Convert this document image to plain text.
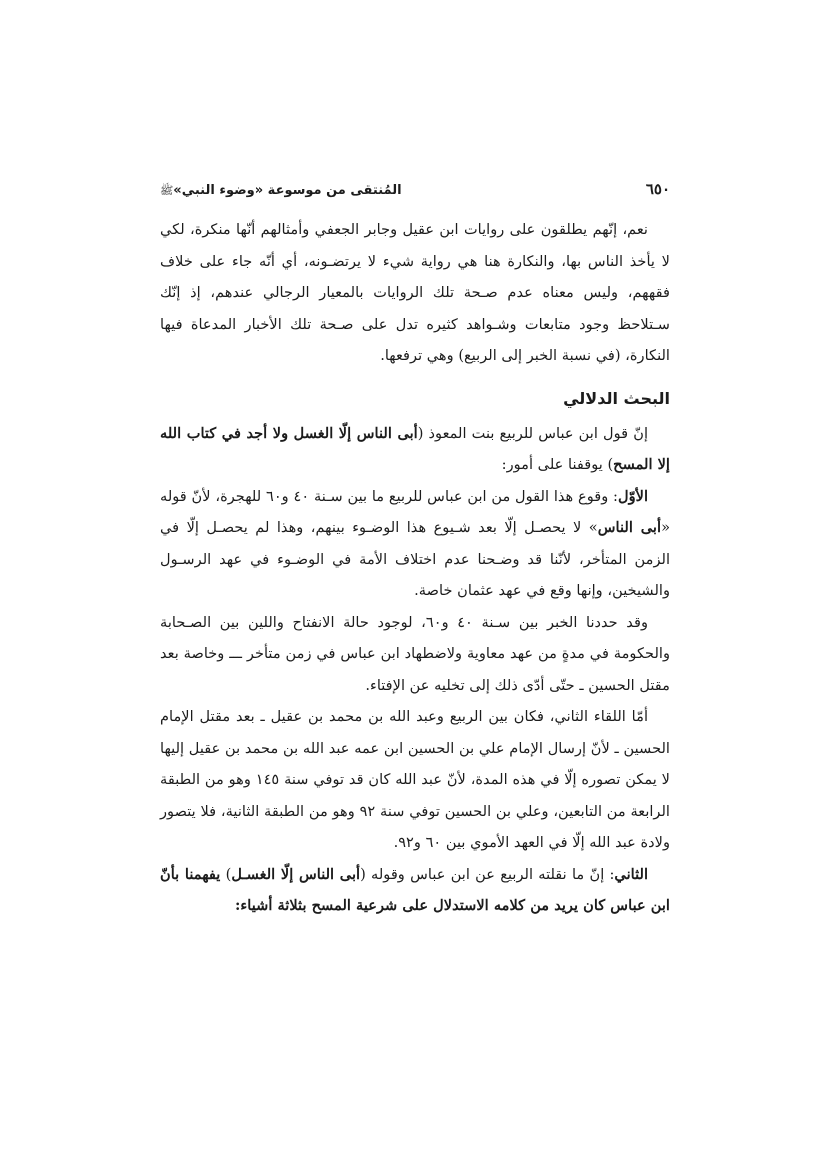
٦٥٠
المُنتقى من موسوعة «وضوء النبي»ﷺ

نعم، إنّهم يطلقون على روايات ابن عقيل وجابر الجعفي وأمثالهم أنّها منكرة، لكي لا يأخذ الناس بها، والنكارة هنا هي رواية شيء لا يرتضـونه، أي أنّه جاء على خلاف فقههم، وليس معناه عدم صـحة تلك الروايات بالمعيار الرجالي عندهم، إذ إنّك سـتلاحظ وجود متابعات وشـواهد كثيره تدل على صـحة تلك الأخبار المدعاة فيها النكارة، (في نسبة الخبر إلى الربيع) وهي ترفعها.

البحث الدلالي

إنّ قول ابن عباس للربيع بنت المعوذ (أبى الناس إلّا الغسل ولا أجد في كتاب الله إلا المسح) يوقفنا على أمور:

الأوّل: وقوع هذا القول من ابن عباس للربيع ما بين سـنة ٤٠ و٦٠ للهجرة، لأنّ قوله «أبى الناس» لا يحصـل إلّا بعد شـيوع هذا الوضـوء بينهم، وهذا لم يحصـل إلّا في الزمن المتأخر، لأنّنا قد وضـحنا عدم اختلاف الأمة في الوضـوء في عهد الرسـول والشيخين، وإنها وقع في عهد عثمان خاصة.

وقد حددنا الخبر بين سـنة ٤٠ و٦٠، لوجود حالة الانفتاح واللين بين الصـحابة والحكومة في مدةٍ من عهد معاوية ولاضطهاد ابن عباس في زمن متأخر ـــ وخاصة بعد مقتل الحسين ـ حتّى أدّى ذلك إلى تخليه عن الإفتاء.

أمّا اللقاء الثاني، فكان بين الربيع وعبد الله بن محمد بن عقيل ـ بعد مقتل الإمام الحسين ـ لأنّ إرسال الإمام علي بن الحسين ابن عمه عبد الله بن محمد بن عقيل إليها لا يمكن تصوره إلّا في هذه المدة، لأنّ عبد الله كان قد توفي سنة ١٤٥ وهو من الطبقة الرابعة من التابعين، وعلي بن الحسين توفي سنة ٩٢ وهو من الطبقة الثانية، فلا يتصور ولادة عبد الله إلّا في العهد الأموي بين ٦٠ و٩٢.

الثاني: إنّ ما نقلته الربيع عن ابن عباس وقوله (أبى الناس إلّا الغسـل) يفهمنا بأنّ ابن عباس كان يريد من كلامه الاستدلال على شرعية المسح بثلاثة أشياء:
